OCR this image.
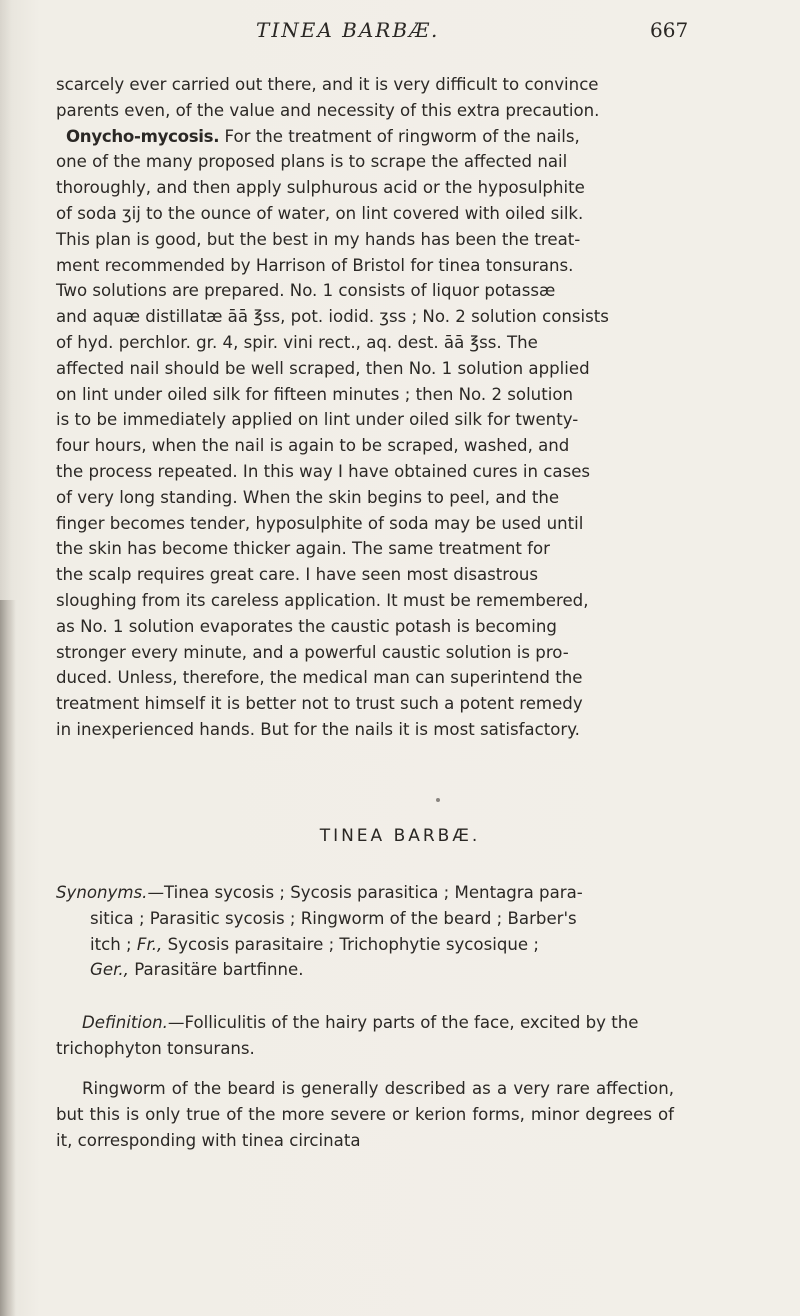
TINEA BARBÆ.	667
scarcely ever carried out there, and it is very difficult to convince
parents even, of the value and necessity of this extra precaution.
Onycho-mycosis. For the treatment of ringworm of the nails,
one of the many proposed plans is to scrape the affected nail
thoroughly, and then apply sulphurous acid or the hyposulphite
of soda ʒij to the ounce of water, on lint covered with oiled silk.
This plan is good, but the best in my hands has been the treat-
ment recommended by Harrison of Bristol for tinea tonsurans.
Two solutions are prepared. No. 1 consists of liquor potassæ
and aquæ distillatæ āā ℥ss, pot. iodid. ʒss ; No. 2 solution consists
of hyd. perchlor. gr. 4, spir. vini rect., aq. dest. āā ℥ss. The
affected nail should be well scraped, then No. 1 solution applied
on lint under oiled silk for fifteen minutes ; then No. 2 solution
is to be immediately applied on lint under oiled silk for twenty-
four hours, when the nail is again to be scraped, washed, and
the process repeated. In this way I have obtained cures in cases
of very long standing. When the skin begins to peel, and the
finger becomes tender, hyposulphite of soda may be used until
the skin has become thicker again. The same treatment for
the scalp requires great care. I have seen most disastrous
sloughing from its careless application. It must be remembered,
as No. 1 solution evaporates the caustic potash is becoming
stronger every minute, and a powerful caustic solution is pro-
duced. Unless, therefore, the medical man can superintend the
treatment himself it is better not to trust such a potent remedy
in inexperienced hands. But for the nails it is most satisfactory.
TINEA BARBÆ.
Synonyms.—Tinea sycosis ; Sycosis parasitica ; Mentagra para-
sitica ; Parasitic sycosis ; Ringworm of the beard ; Barber's
itch ; Fr., Sycosis parasitaire ; Trichophytie sycosique ;
Ger., Parasitäre bartfinne.

Definition.—Folliculitis of the hairy parts of the face, excited by the trichophyton tonsurans.

Ringworm of the beard is generally described as a very rare affection, but this is only true of the more severe or kerion forms, minor degrees of it, corresponding with tinea circinata
